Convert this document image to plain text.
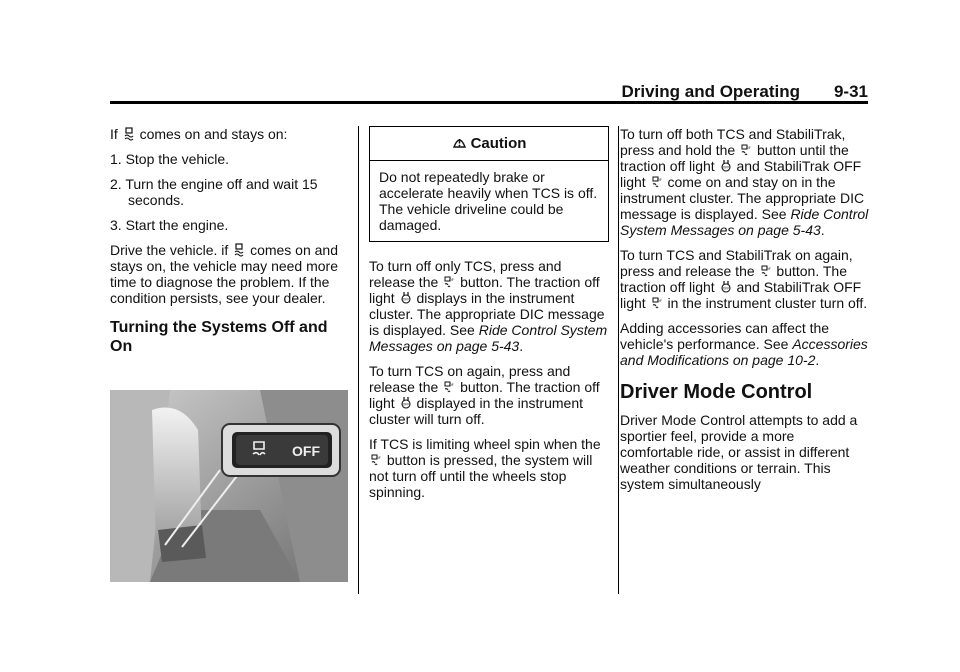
Driving and Operating 9-31

If comes on and stays on:

1. Stop the vehicle.

2. Turn the engine off and wait 15 seconds.

3. Start the engine.

Drive the vehicle. if comes on and stays on, the vehicle may need more time to diagnose the problem. If the condition persists, see your dealer.

Turning the Systems Off and On
OFF
Caution
Do not repeatedly brake or accelerate heavily when TCS is off. The vehicle driveline could be damaged.

To turn off only TCS, press and release the button. The traction off light displays in the instrument cluster. The appropriate DIC message is displayed. See Ride Control System Messages on page 5-43.

To turn TCS on again, press and release the button. The traction off light displayed in the instrument cluster will turn off.

If TCS is limiting wheel spin when the
button is pressed, the system will not turn off until the wheels stop spinning.

To turn off both TCS and StabiliTrak, press and hold the button until the traction off light and StabiliTrak OFF light come on and stay on in the instrument cluster. The appropriate DIC message is displayed. See Ride Control System Messages on page 5-43.

To turn TCS and StabiliTrak on again, press and release the button. The traction off light and StabiliTrak OFF light in the instrument cluster turn off.

Adding accessories can affect the vehicle's performance. See Accessories and Modifications on page 10-2.

Driver Mode Control

Driver Mode Control attempts to add a sportier feel, provide a more comfortable ride, or assist in different weather conditions or terrain. This system simultaneously
